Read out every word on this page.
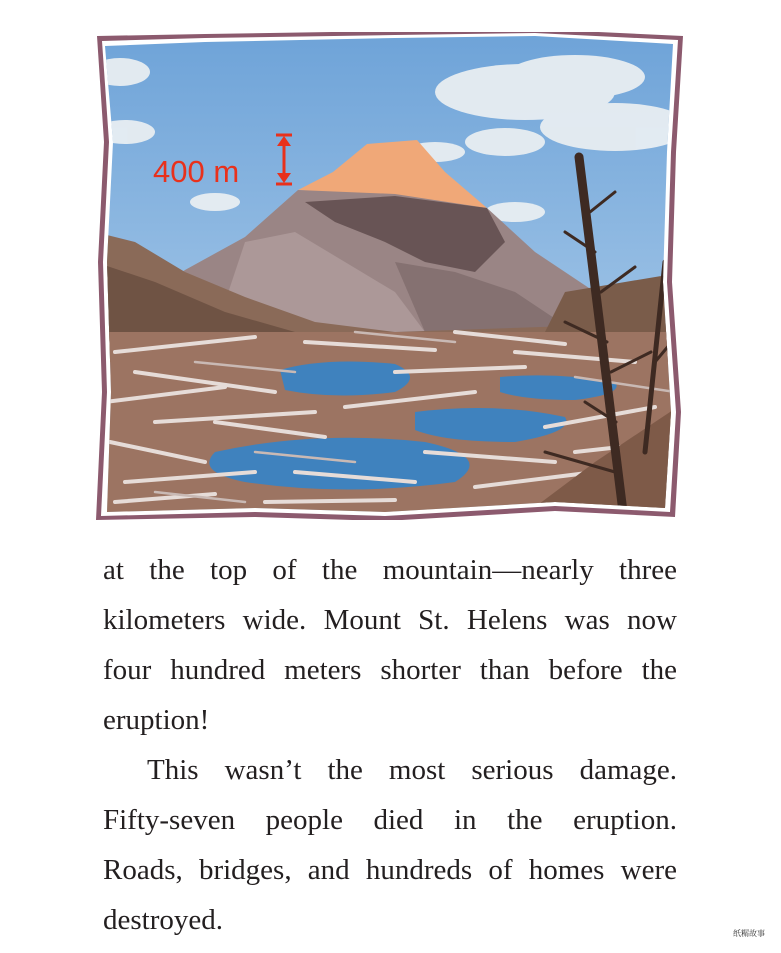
400 m
at the top of the mountain—nearly three
kilometers wide. Mount St. Helens was now
four hundred meters shorter than before the
eruption!
This wasn’t the most serious damage.
Fifty-seven people died in the eruption.
Roads, bridges, and hundreds of homes were
destroyed.	纸糏故事
